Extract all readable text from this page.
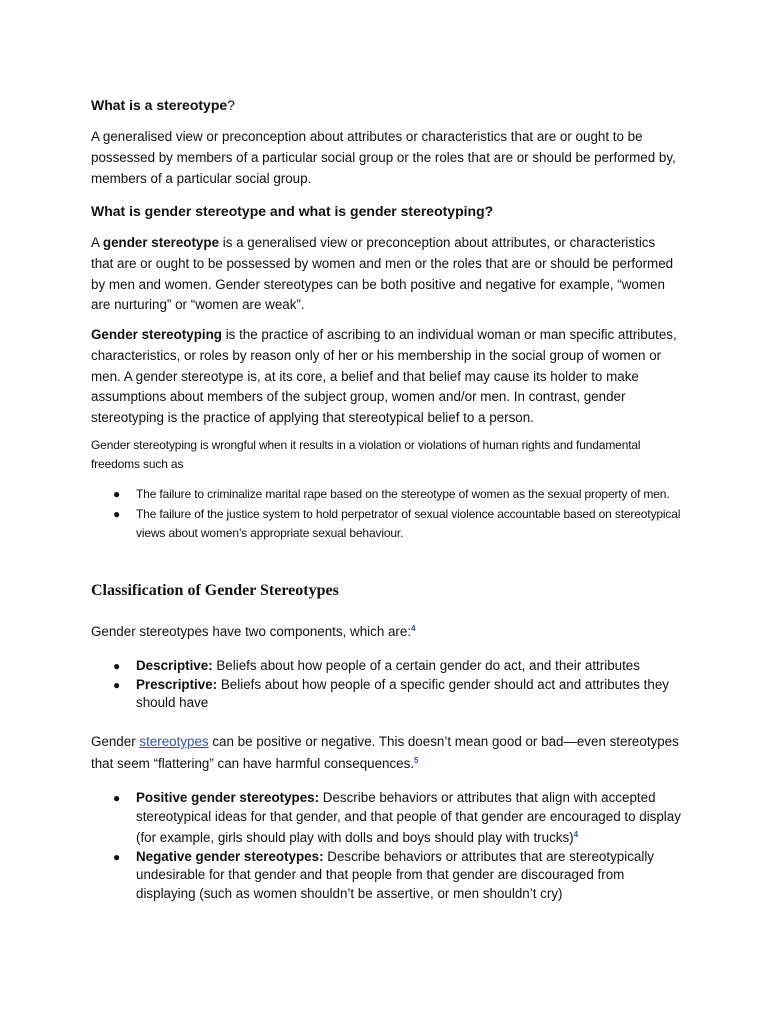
What is a stereotype?
A generalised view or preconception about attributes or characteristics that are or ought to be possessed by members of a particular social group or the roles that are or should be performed by, members of a particular social group.
What is gender stereotype and what is gender stereotyping?
A gender stereotype is a generalised view or preconception about attributes, or characteristics that are or ought to be possessed by women and men or the roles that are or should be performed by men and women. Gender stereotypes can be both positive and negative for example, “women are nurturing” or “women are weak”.
Gender stereotyping is the practice of ascribing to an individual woman or man specific attributes, characteristics, or roles by reason only of her or his membership in the social group of women or men. A gender stereotype is, at its core, a belief and that belief may cause its holder to make assumptions about members of the subject group, women and/or men. In contrast, gender stereotyping is the practice of applying that stereotypical belief to a person.
Gender stereotyping is wrongful when it results in a violation or violations of human rights and fundamental freedoms such as
● The failure to criminalize marital rape based on the stereotype of women as the sexual property of men.
● The failure of the justice system to hold perpetrator of sexual violence accountable based on stereotypical views about women’s appropriate sexual behaviour.
Classification of Gender Stereotypes
Gender stereotypes have two components, which are:$^4$
● Descriptive: Beliefs about how people of a certain gender do act, and their attributes
● Prescriptive: Beliefs about how people of a specific gender should act and attributes they should have
Gender stereotypes can be positive or negative. This doesn’t mean good or bad—even stereotypes that seem “flattering” can have harmful consequences.$^5$
● Positive gender stereotypes: Describe behaviors or attributes that align with accepted stereotypical ideas for that gender, and that people of that gender are encouraged to display (for example, girls should play with dolls and boys should play with trucks)$^4$
● Negative gender stereotypes: Describe behaviors or attributes that are stereotypically undesirable for that gender and that people from that gender are discouraged from displaying (such as women shouldn’t be assertive, or men shouldn’t cry)
